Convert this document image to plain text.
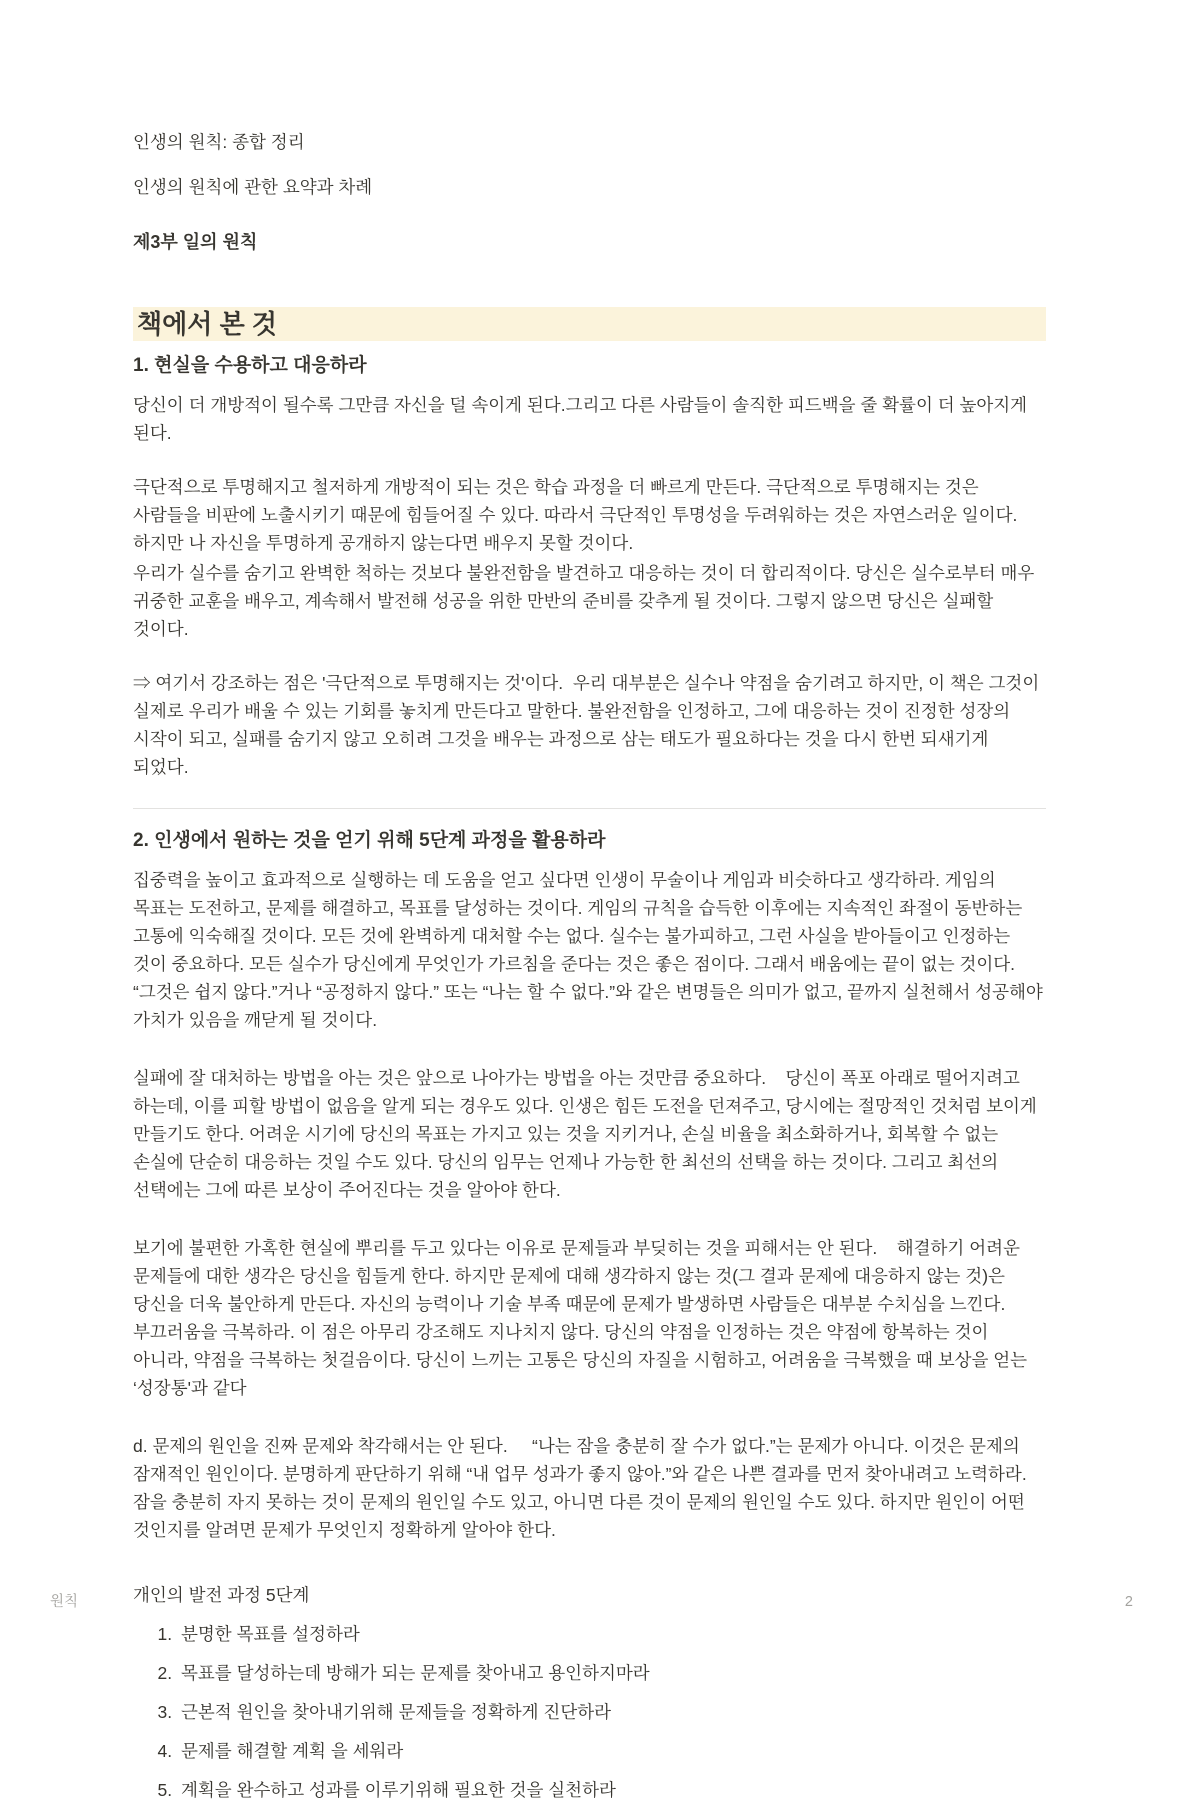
인생의 원칙: 종합 정리

인생의 원칙에 관한 요약과 차례

제3부 일의 원칙

책에서 본 것
1. 현실을 수용하고 대응하라

당신이 더 개방적이 될수록 그만큼 자신을 덜 속이게 된다.그리고 다른 사람들이 솔직한 피드백을 줄 확률이 더 높아지게 된다.

극단적으로 투명해지고 철저하게 개방적이 되는 것은 학습 과정을 더 빠르게 만든다. 극단적으로 투명해지는 것은 사람들을 비판에 노출시키기 때문에 힘들어질 수 있다. 따라서 극단적인 투명성을 두려워하는 것은 자연스러운 일이다. 하지만 나 자신을 투명하게 공개하지 않는다면 배우지 못할 것이다.

우리가 실수를 숨기고 완벽한 척하는 것보다 불완전함을 발견하고 대응하는 것이 더 합리적이다. 당신은 실수로부터 매우 귀중한 교훈을 배우고, 계속해서 발전해 성공을 위한 만반의 준비를 갖추게 될 것이다. 그렇지 않으면 당신은 실패할 것이다.

⇒ 여기서 강조하는 점은 '극단적으로 투명해지는 것'이다.  우리 대부분은 실수나 약점을 숨기려고 하지만, 이 책은 그것이 실제로 우리가 배울 수 있는 기회를 놓치게 만든다고 말한다. 불완전함을 인정하고, 그에 대응하는 것이 진정한 성장의 시작이 되고, 실패를 숨기지 않고 오히려 그것을 배우는 과정으로 삼는 태도가 필요하다는 것을 다시 한번 되새기게 되었다.

2. 인생에서 원하는 것을 얻기 위해 5단계 과정을 활용하라

집중력을 높이고 효과적으로 실행하는 데 도움을 얻고 싶다면 인생이 무술이나 게임과 비슷하다고 생각하라. 게임의 목표는 도전하고, 문제를 해결하고, 목표를 달성하는 것이다. 게임의 규칙을 습득한 이후에는 지속적인 좌절이 동반하는 고통에 익숙해질 것이다. 모든 것에 완벽하게 대처할 수는 없다. 실수는 불가피하고, 그런 사실을 받아들이고 인정하는 것이 중요하다. 모든 실수가 당신에게 무엇인가 가르침을 준다는 것은 좋은 점이다. 그래서 배움에는 끝이 없는 것이다. “그것은 쉽지 않다.”거나 “공정하지 않다.” 또는 “나는 할 수 없다.”와 같은 변명들은 의미가 없고, 끝까지 실천해서 성공해야 가치가 있음을 깨닫게 될 것이다.

실패에 잘 대처하는 방법을 아는 것은 앞으로 나아가는 방법을 아는 것만큼 중요하다.    당신이 폭포 아래로 떨어지려고 하는데, 이를 피할 방법이 없음을 알게 되는 경우도 있다. 인생은 힘든 도전을 던져주고, 당시에는 절망적인 것처럼 보이게 만들기도 한다. 어려운 시기에 당신의 목표는 가지고 있는 것을 지키거나, 손실 비율을 최소화하거나, 회복할 수 없는 손실에 단순히 대응하는 것일 수도 있다. 당신의 임무는 언제나 가능한 한 최선의 선택을 하는 것이다. 그리고 최선의 선택에는 그에 따른 보상이 주어진다는 것을 알아야 한다.

보기에 불편한 가혹한 현실에 뿌리를 두고 있다는 이유로 문제들과 부딪히는 것을 피해서는 안 된다.    해결하기 어려운 문제들에 대한 생각은 당신을 힘들게 한다. 하지만 문제에 대해 생각하지 않는 것(그 결과 문제에 대응하지 않는 것)은 당신을 더욱 불안하게 만든다. 자신의 능력이나 기술 부족 때문에 문제가 발생하면 사람들은 대부분 수치심을 느낀다. 부끄러움을 극복하라. 이 점은 아무리 강조해도 지나치지 않다. 당신의 약점을 인정하는 것은 약점에 항복하는 것이 아니라, 약점을 극복하는 첫걸음이다. 당신이 느끼는 고통은 당신의 자질을 시험하고, 어려움을 극복했을 때 보상을 얻는 ‘성장통'과 같다

d. 문제의 원인을 진짜 문제와 착각해서는 안 된다.     “나는 잠을 충분히 잘 수가 없다.”는 문제가 아니다. 이것은 문제의 잠재적인 원인이다. 분명하게 판단하기 위해 “내 업무 성과가 좋지 않아.”와 같은 나쁜 결과를 먼저 찾아내려고 노력하라. 잠을 충분히 자지 못하는 것이 문제의 원인일 수도 있고, 아니면 다른 것이 문제의 원인일 수도 있다. 하지만 원인이 어떤 것인지를 알려면 문제가 무엇인지 정확하게 알아야 한다.

개인의 발전 과정 5단계

1. 분명한 목표를 설정하라
2. 목표를 달성하는데 방해가 되는 문제를 찾아내고 용인하지마라
3. 근본적 원인을 찾아내기위해 문제들을 정확하게 진단하라
4. 문제를 해결할 계획 을 세워라
5. 계획을 완수하고 성과를 이루기위해 필요한 것을 실천하라
원칙	2
